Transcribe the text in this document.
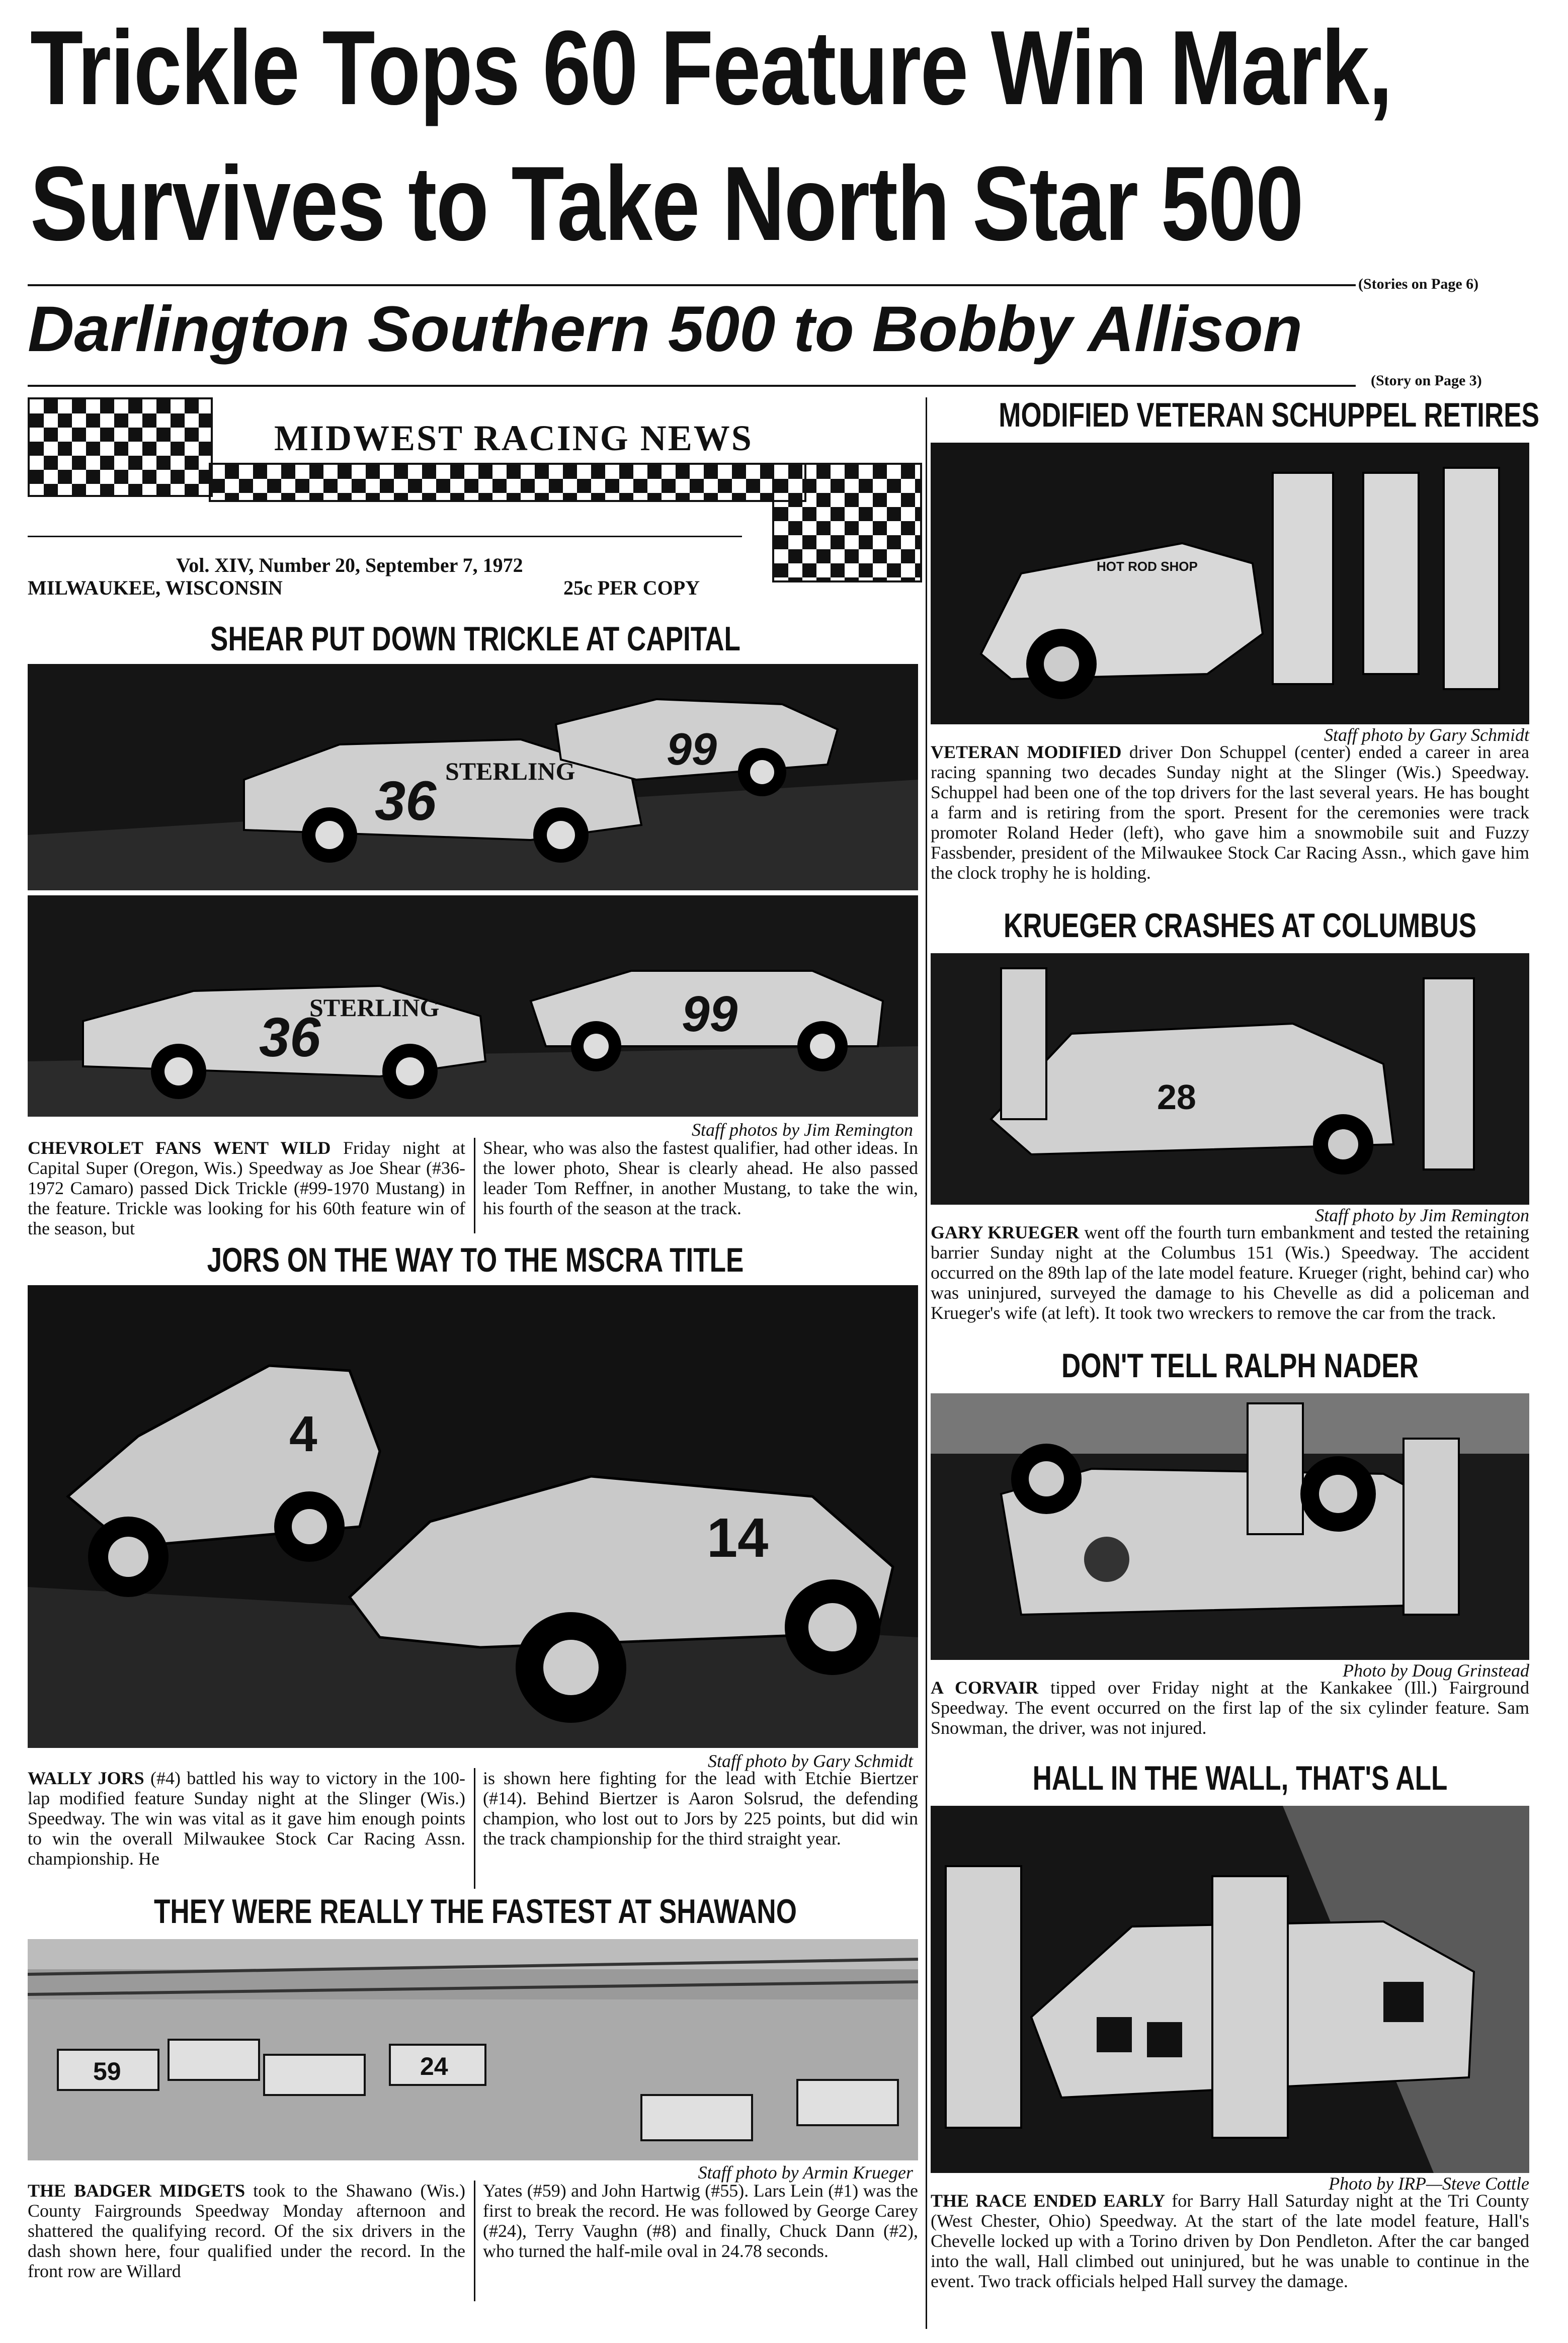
Trickle Tops 60 Feature Win Mark,
Survives to Take North Star 500
(Stories on Page 6)
Darlington Southern 500 to Bobby Allison
(Story on Page 3)
MIDWEST RACING NEWS
Vol. XIV, Number 20, September 7, 1972
MILWAUKEE, WISCONSIN	25c PER COPY
SHEAR PUT DOWN TRICKLE AT CAPITAL
36
99
STERLING
36	99
STERLING
Staff photos by Jim Remington
CHEVROLET FANS WENT WILD Friday night at Capital Super (Oregon, Wis.) Speedway as Joe Shear (#36-1972 Camaro) passed Dick Trickle (#99-1970 Mustang) in the feature. Trickle was looking for his 60th feature win of the season, but
Shear, who was also the fastest qualifier, had other ideas. In the lower photo, Shear is clearly ahead. He also passed leader Tom Reffner, in another Mustang, to take the win, his fourth of the season at the track.
JORS ON THE WAY TO THE MSCRA TITLE
4
14
Staff photo by Gary Schmidt
WALLY JORS (#4) battled his way to victory in the 100-lap modified feature Sunday night at the Slinger (Wis.) Speedway. The win was vital as it gave him enough points to win the overall Milwaukee Stock Car Racing Assn. championship. He
is shown here fighting for the lead with Etchie Biertzer (#14). Behind Biertzer is Aaron Solsrud, the defending champion, who lost out to Jors by 225 points, but did win the track championship for the third straight year.
THEY WERE REALLY THE FASTEST AT SHAWANO
59	24
Staff photo by Armin Krueger
THE BADGER MIDGETS took to the Shawano (Wis.) County Fairgrounds Speedway Monday afternoon and shattered the qualifying record. Of the six drivers in the dash shown here, four qualified under the record. In the front row are Willard
Yates (#59) and John Hartwig (#55). Lars Lein (#1) was the first to break the record. He was followed by George Carey (#24), Terry Vaughn (#8) and finally, Chuck Dann (#2), who turned the half-mile oval in 24.78 seconds.
MODIFIED VETERAN SCHUPPEL RETIRES
HOT ROD SHOP
Staff photo by Gary Schmidt
VETERAN MODIFIED driver Don Schuppel (center) ended a career in area racing spanning two decades Sunday night at the Slinger (Wis.) Speedway. Schuppel had been one of the top drivers for the last several years. He has bought a farm and is retiring from the sport. Present for the ceremonies were track promoter Roland Heder (left), who gave him a snowmobile suit and Fuzzy Fassbender, president of the Milwaukee Stock Car Racing Assn., which gave him the clock trophy he is holding.
KRUEGER CRASHES AT COLUMBUS
28
Staff photo by Jim Remington
GARY KRUEGER went off the fourth turn embankment and tested the retaining barrier Sunday night at the Columbus 151 (Wis.) Speedway. The accident occurred on the 89th lap of the late model feature. Krueger (right, behind car) who was uninjured, surveyed the damage to his Chevelle as did a policeman and Krueger's wife (at left). It took two wreckers to remove the car from the track.
DON'T TELL RALPH NADER
Photo by Doug Grinstead
A CORVAIR tipped over Friday night at the Kankakee (Ill.) Fairground Speedway. The event occurred on the first lap of the six cylinder feature. Sam Snowman, the driver, was not injured.
HALL IN THE WALL, THAT'S ALL
Photo by IRP—Steve Cottle
THE RACE ENDED EARLY for Barry Hall Saturday night at the Tri County (West Chester, Ohio) Speedway. At the start of the late model feature, Hall's Chevelle locked up with a Torino driven by Don Pendleton. After the car banged into the wall, Hall climbed out uninjured, but he was unable to continue in the event. Two track officials helped Hall survey the damage.
